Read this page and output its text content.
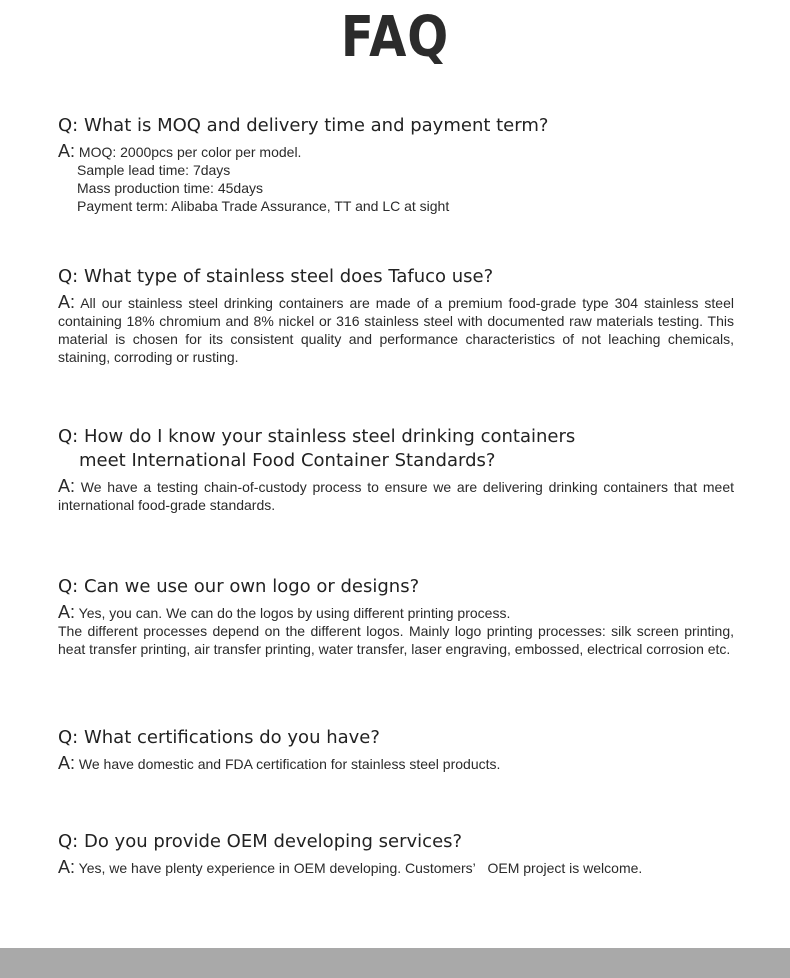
FAQ
Q: What is MOQ and delivery time and payment term?

A: MOQ: 2000pcs per color per model.

Sample lead time: 7days

Mass production time: 45days

Payment term: Alibaba Trade Assurance, TT and LC at sight

Q: What type of stainless steel does Tafuco use?

A: All our stainless steel drinking containers are made of a premium food-grade type 304 stainless steel containing 18% chromium and 8% nickel or 316 stainless steel with documented raw materials testing. This material is chosen for its consistent quality and performance characteristics of not leaching chemicals, staining, corroding or rusting.

Q: How do I know your stainless steel drinking containers
meet International Food Container Standards?

A: We have a testing chain-of-custody process to ensure we are delivering drinking containers that meet international food-grade standards.

Q: Can we use our own logo or designs?

A: Yes, you can. We can do the logos by using different printing process.

The different processes depend on the different logos. Mainly logo printing processes: silk screen printing, heat transfer printing, air transfer printing, water transfer, laser engraving, embossed, electrical corrosion etc.

Q: What certifications do you have?

A: We have domestic and FDA certification for stainless steel products.

Q: Do you provide OEM developing services?

A: Yes, we have plenty experience in OEM developing. Customers’   OEM project is welcome.
